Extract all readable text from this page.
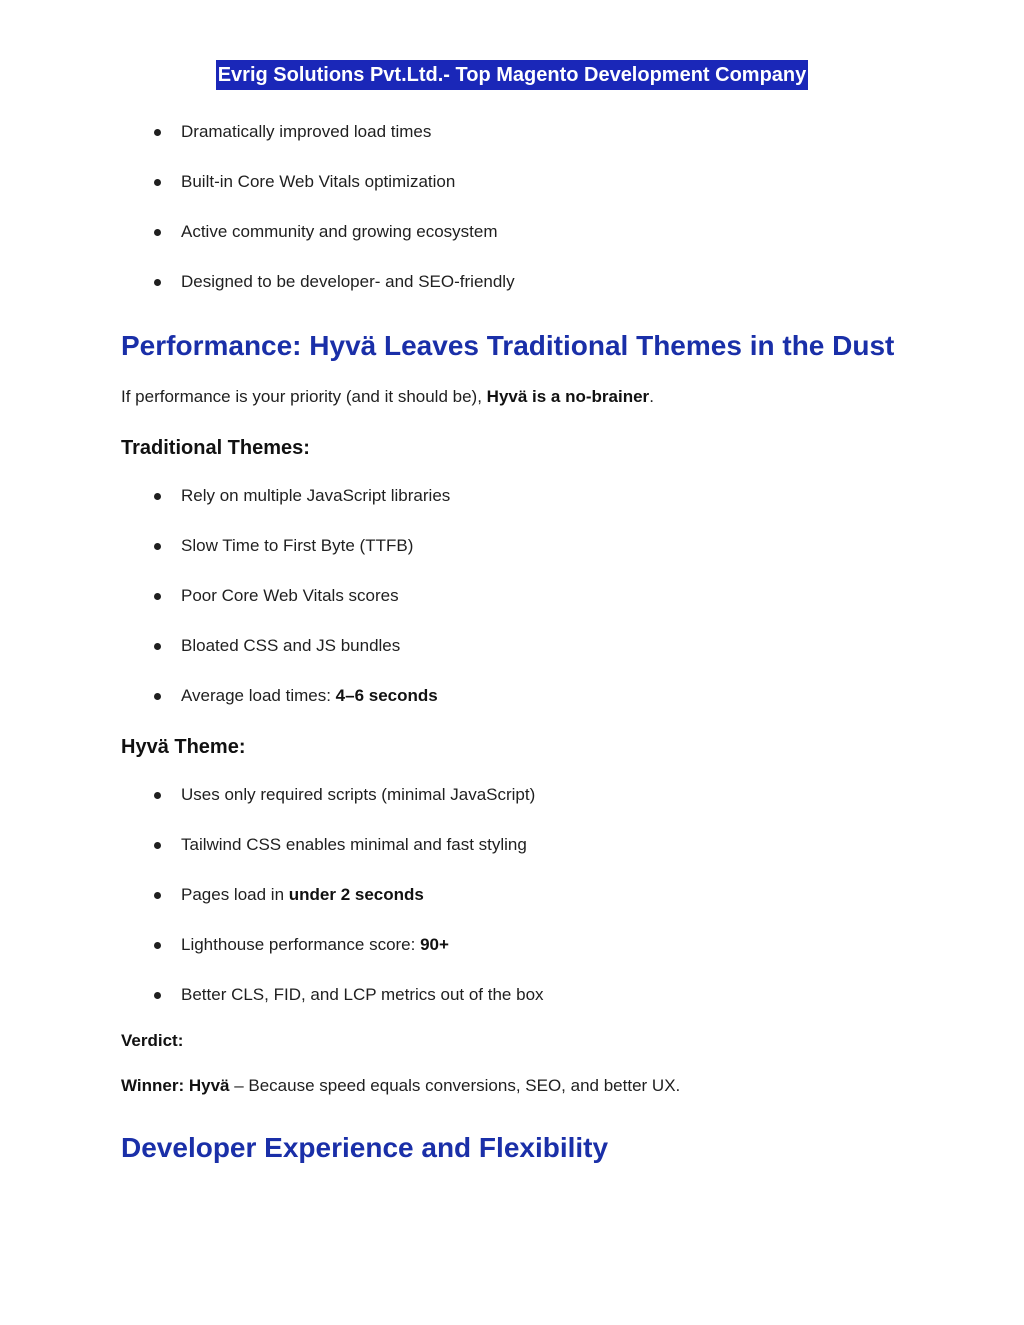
Evrig Solutions Pvt.Ltd.- Top Magento Development Company
Dramatically improved load times
Built-in Core Web Vitals optimization
Active community and growing ecosystem
Designed to be developer- and SEO-friendly
Performance: Hyvä Leaves Traditional Themes in the Dust
If performance is your priority (and it should be), Hyvä is a no-brainer.
Traditional Themes:
Rely on multiple JavaScript libraries
Slow Time to First Byte (TTFB)
Poor Core Web Vitals scores
Bloated CSS and JS bundles
Average load times: 4–6 seconds
Hyvä Theme:
Uses only required scripts (minimal JavaScript)
Tailwind CSS enables minimal and fast styling
Pages load in under 2 seconds
Lighthouse performance score: 90+
Better CLS, FID, and LCP metrics out of the box
Verdict:
Winner: Hyvä – Because speed equals conversions, SEO, and better UX.
Developer Experience and Flexibility
